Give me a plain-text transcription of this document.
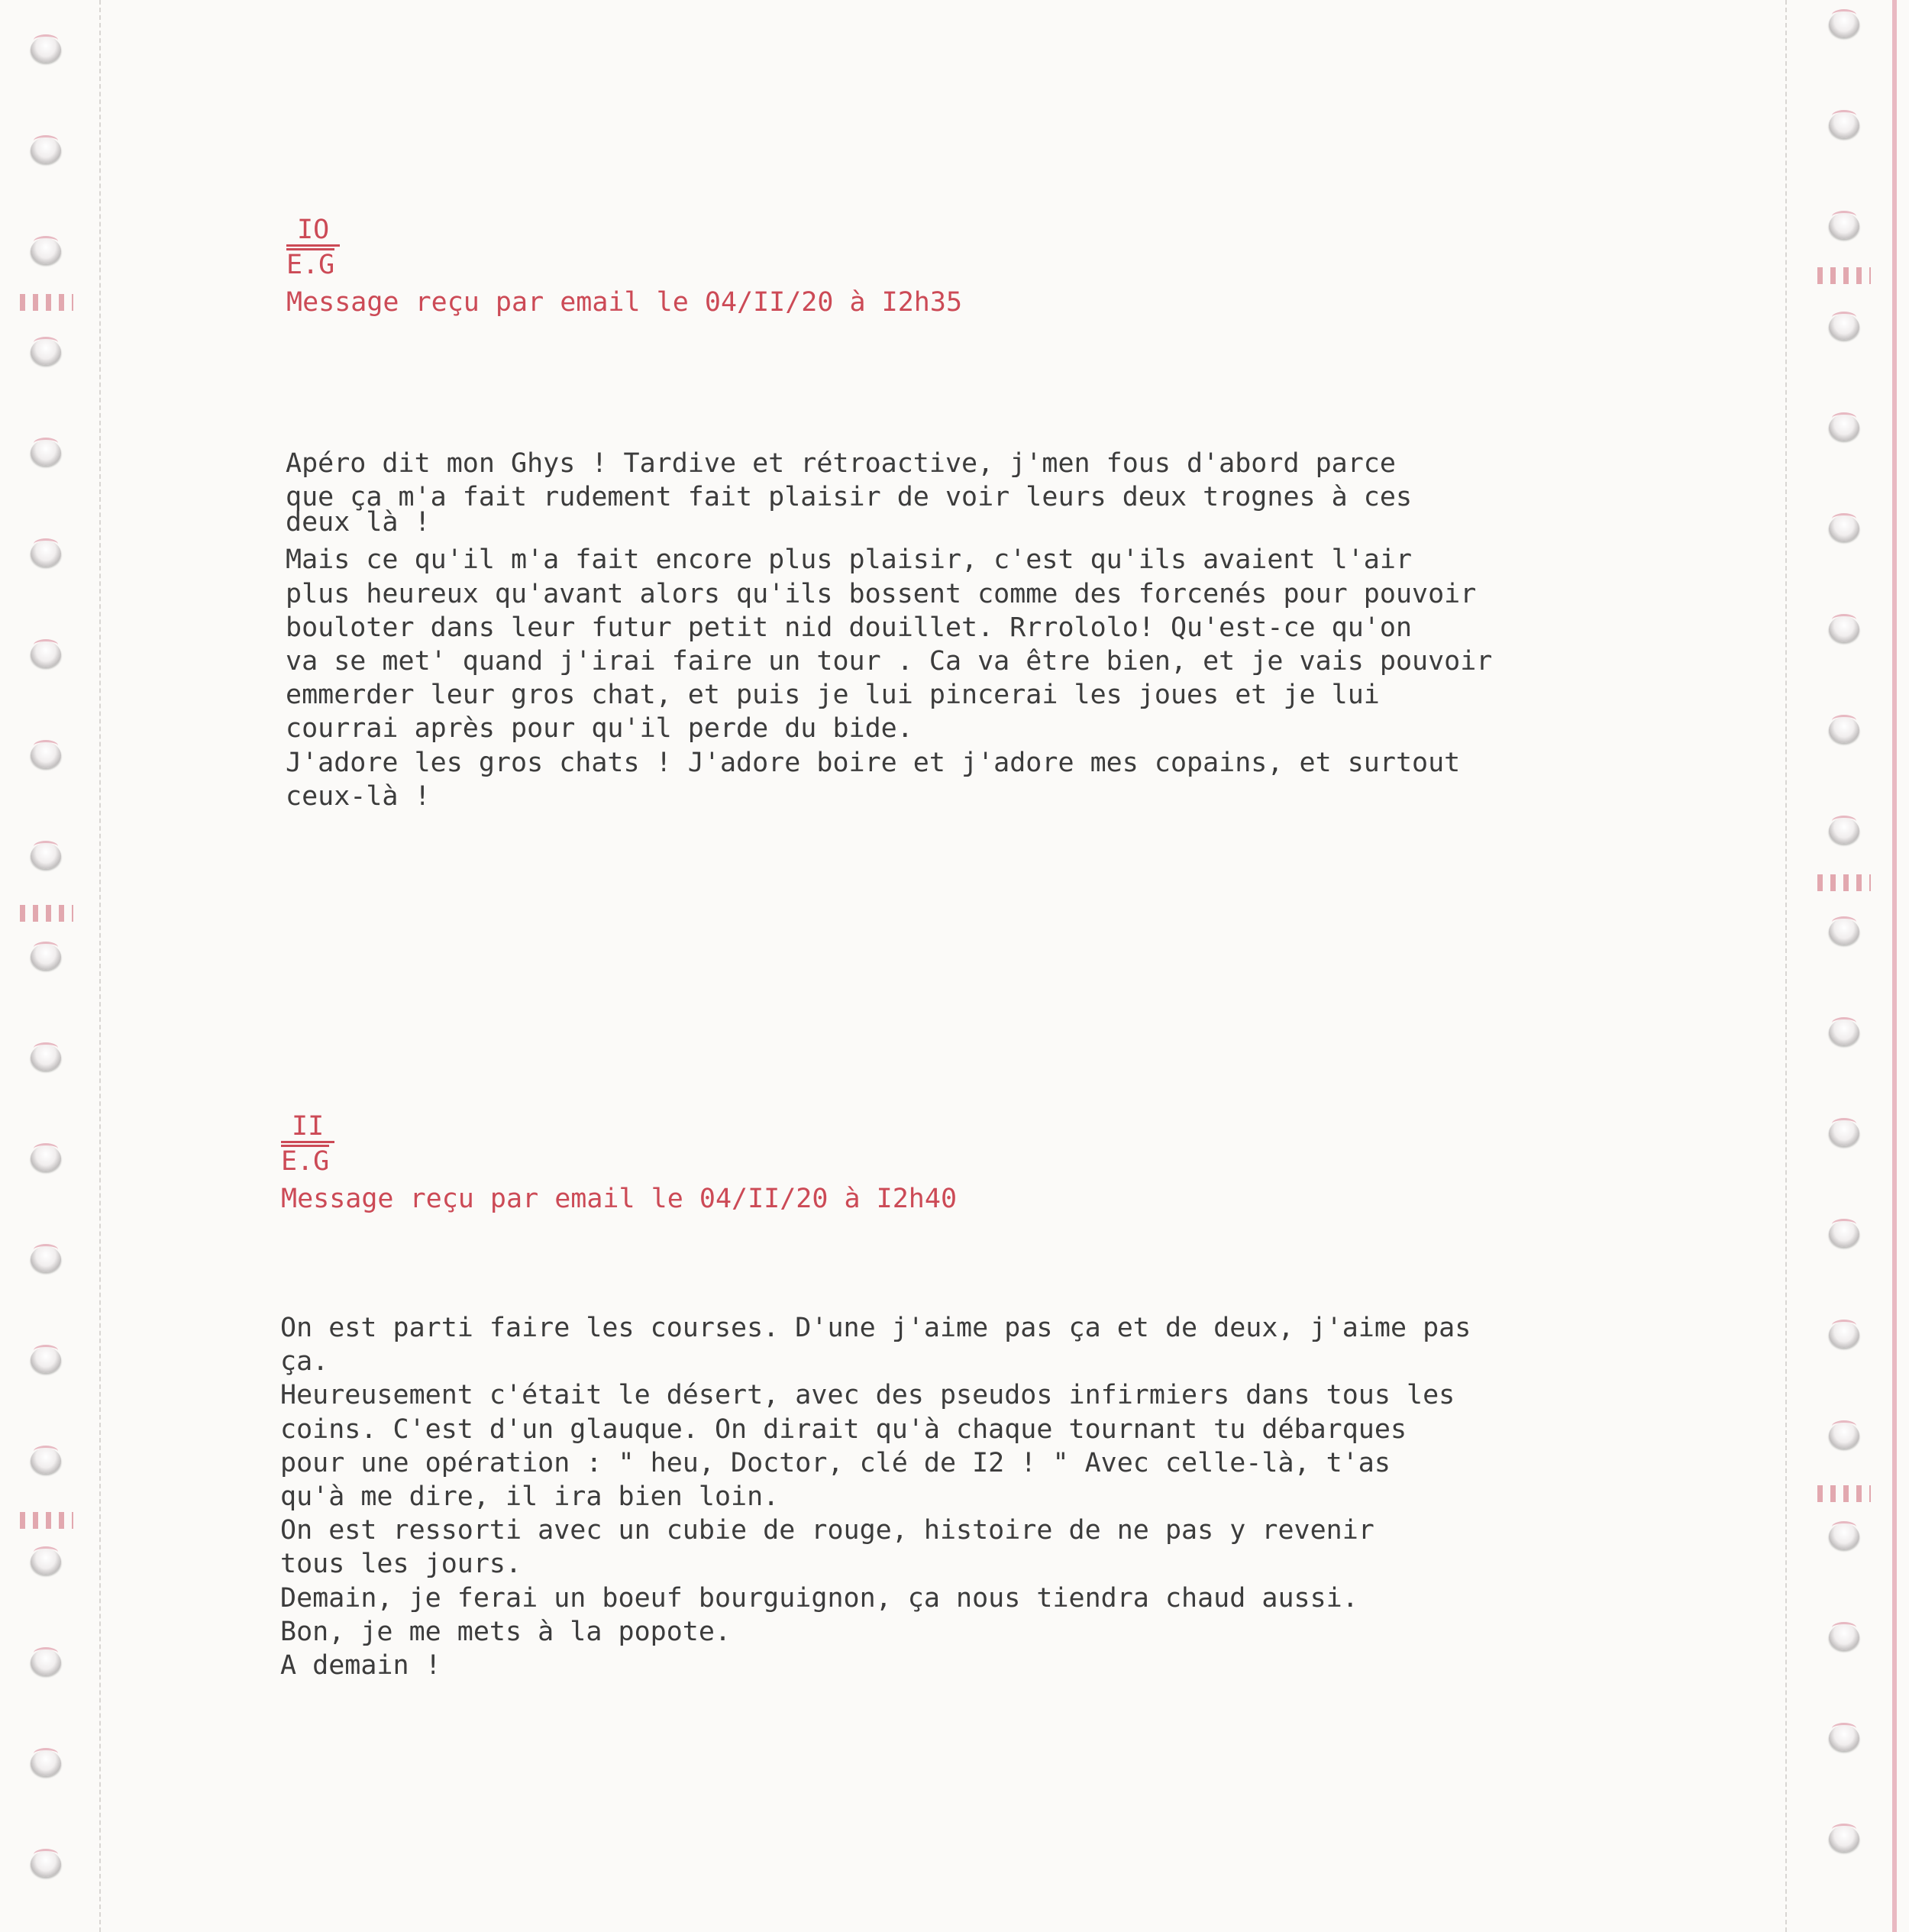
IO
E.G
Message reçu par email le 04/II/20 à I2h35
Apéro dit mon Ghys ! Tardive et rétroactive, j'men fous d'abord parce
que ça m'a fait rudement fait plaisir de voir leurs deux trognes à ces
deux là !
Mais ce qu'il m'a fait encore plus plaisir, c'est qu'ils avaient l'air
plus heureux qu'avant alors qu'ils bossent comme des forcenés pour pouvoir
bouloter dans leur futur petit nid douillet. Rrrololo! Qu'est-ce qu'on
va se met' quand j'irai faire un tour . Ca va être bien, et je vais pouvoir
emmerder leur gros chat, et puis je lui pincerai les joues et je lui
courrai après pour qu'il perde du bide.
J'adore les gros chats ! J'adore boire et j'adore mes copains, et surtout
ceux-là !
II
E.G
Message reçu par email le 04/II/20 à I2h40
On est parti faire les courses. D'une j'aime pas ça et de deux, j'aime pas
ça.
Heureusement c'était le désert, avec des pseudos infirmiers dans tous les
coins. C'est d'un glauque. On dirait qu'à chaque tournant tu débarques
pour une opération : " heu, Doctor, clé de I2 ! " Avec celle-là, t'as
qu'à me dire, il ira bien loin.
On est ressorti avec un cubie de rouge, histoire de ne pas y revenir
tous les jours.
Demain, je ferai un boeuf bourguignon, ça nous tiendra chaud aussi.
Bon, je me mets à la popote.
A demain !
